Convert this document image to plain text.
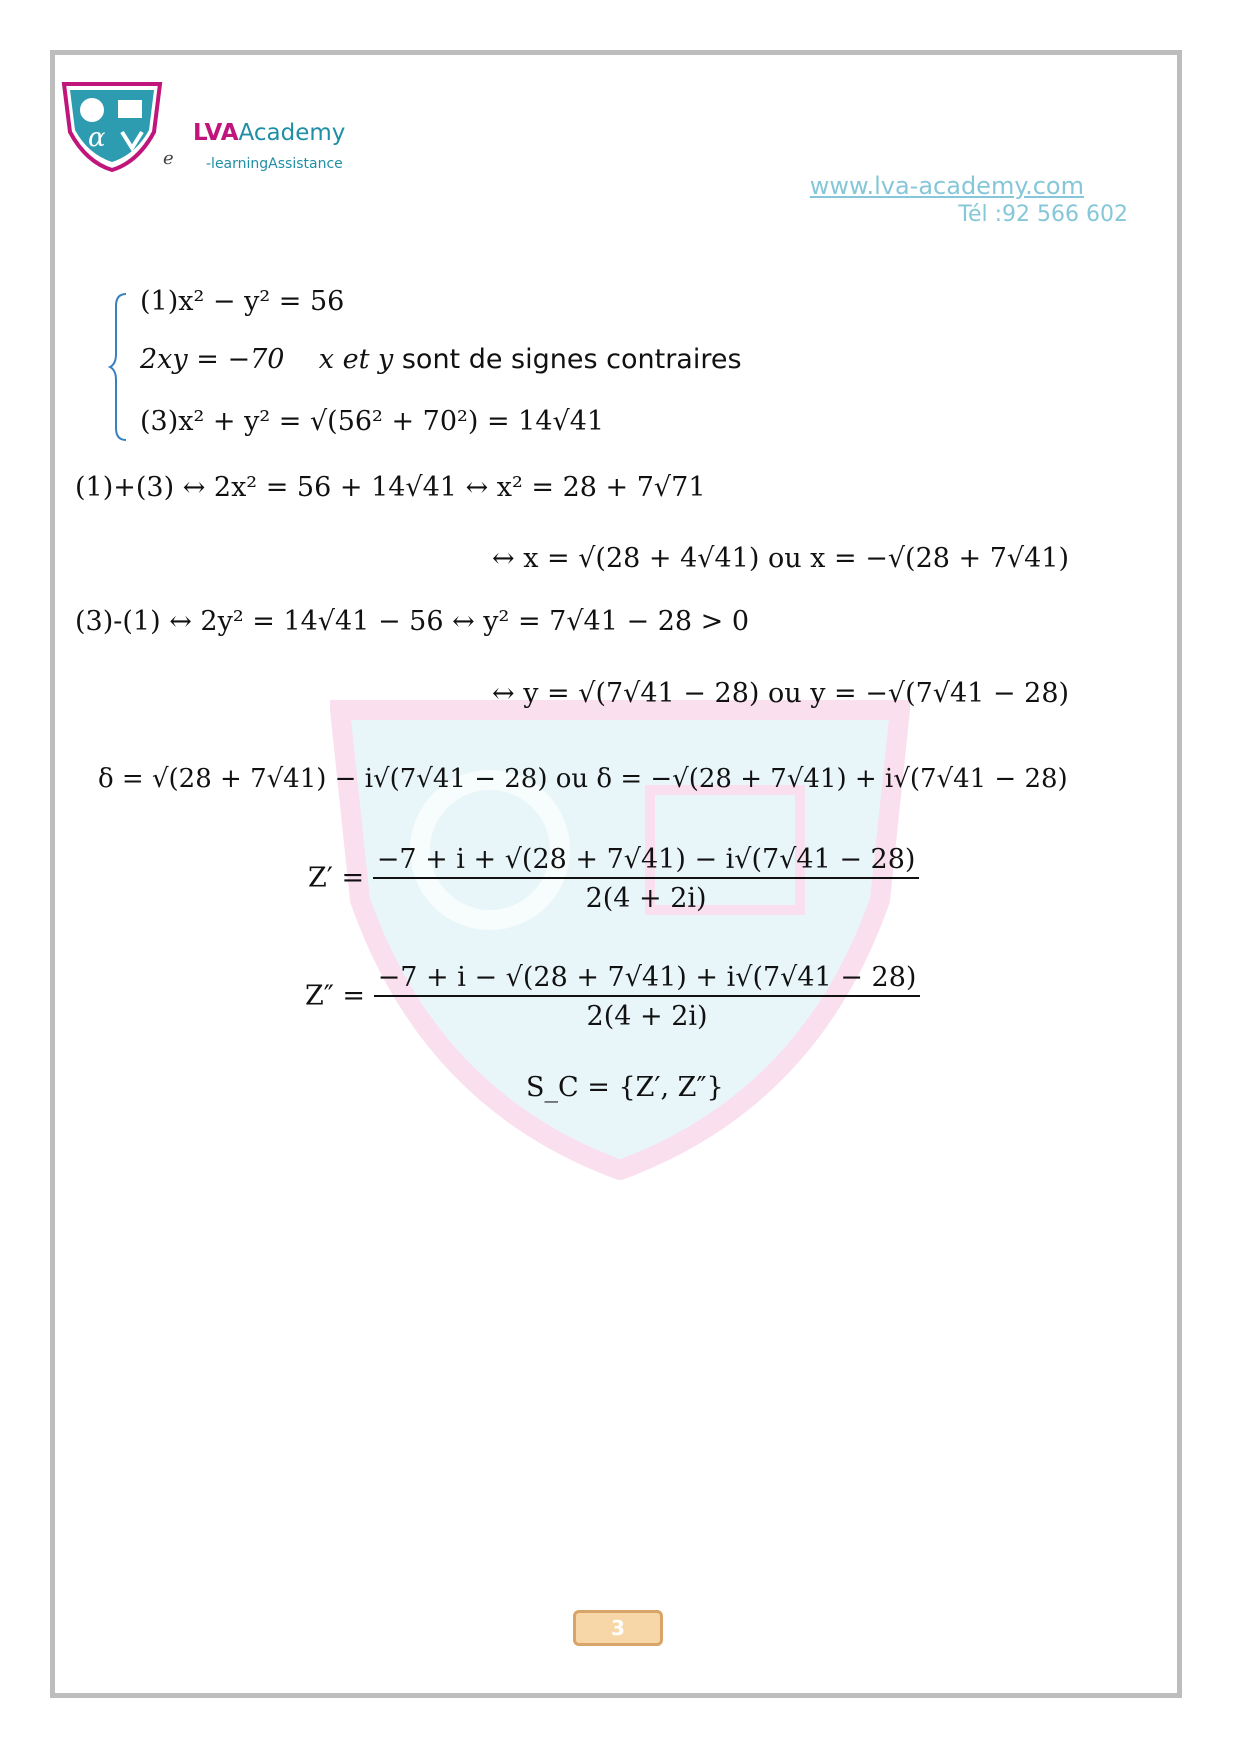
α	LVAAcademy
e -learningAssistance
www.lva-academy.com
Tél :92 566 602
(1)x² − y² = 56
2xy = −70 x et y sont de signes contraires
(3)x² + y² = √(56² + 70²) = 14√41
(1)+(3) ↔ 2x² = 56 + 14√41 ↔ x² = 28 + 7√71
↔ x = √(28 + 4√41) ou x = −√(28 + 7√41)
(3)-(1) ↔ 2y² = 14√41 − 56 ↔ y² = 7√41 − 28 > 0
↔ y = √(7√41 − 28) ou y = −√(7√41 − 28)
δ = √(28 + 7√41) − i√(7√41 − 28) ou δ = −√(28 + 7√41) + i√(7√41 − 28)
$Z' = \frac{-7 + i + √(28 + 7√41) - i√(7√41 - 28)}{2(4 + 2i)}$
$Z'' = \frac{-7 + i - √(28 + 7√41) + i√(7√41 - 28)}{2(4 + 2i)}$
S_C = {Z′, Z″}
3
